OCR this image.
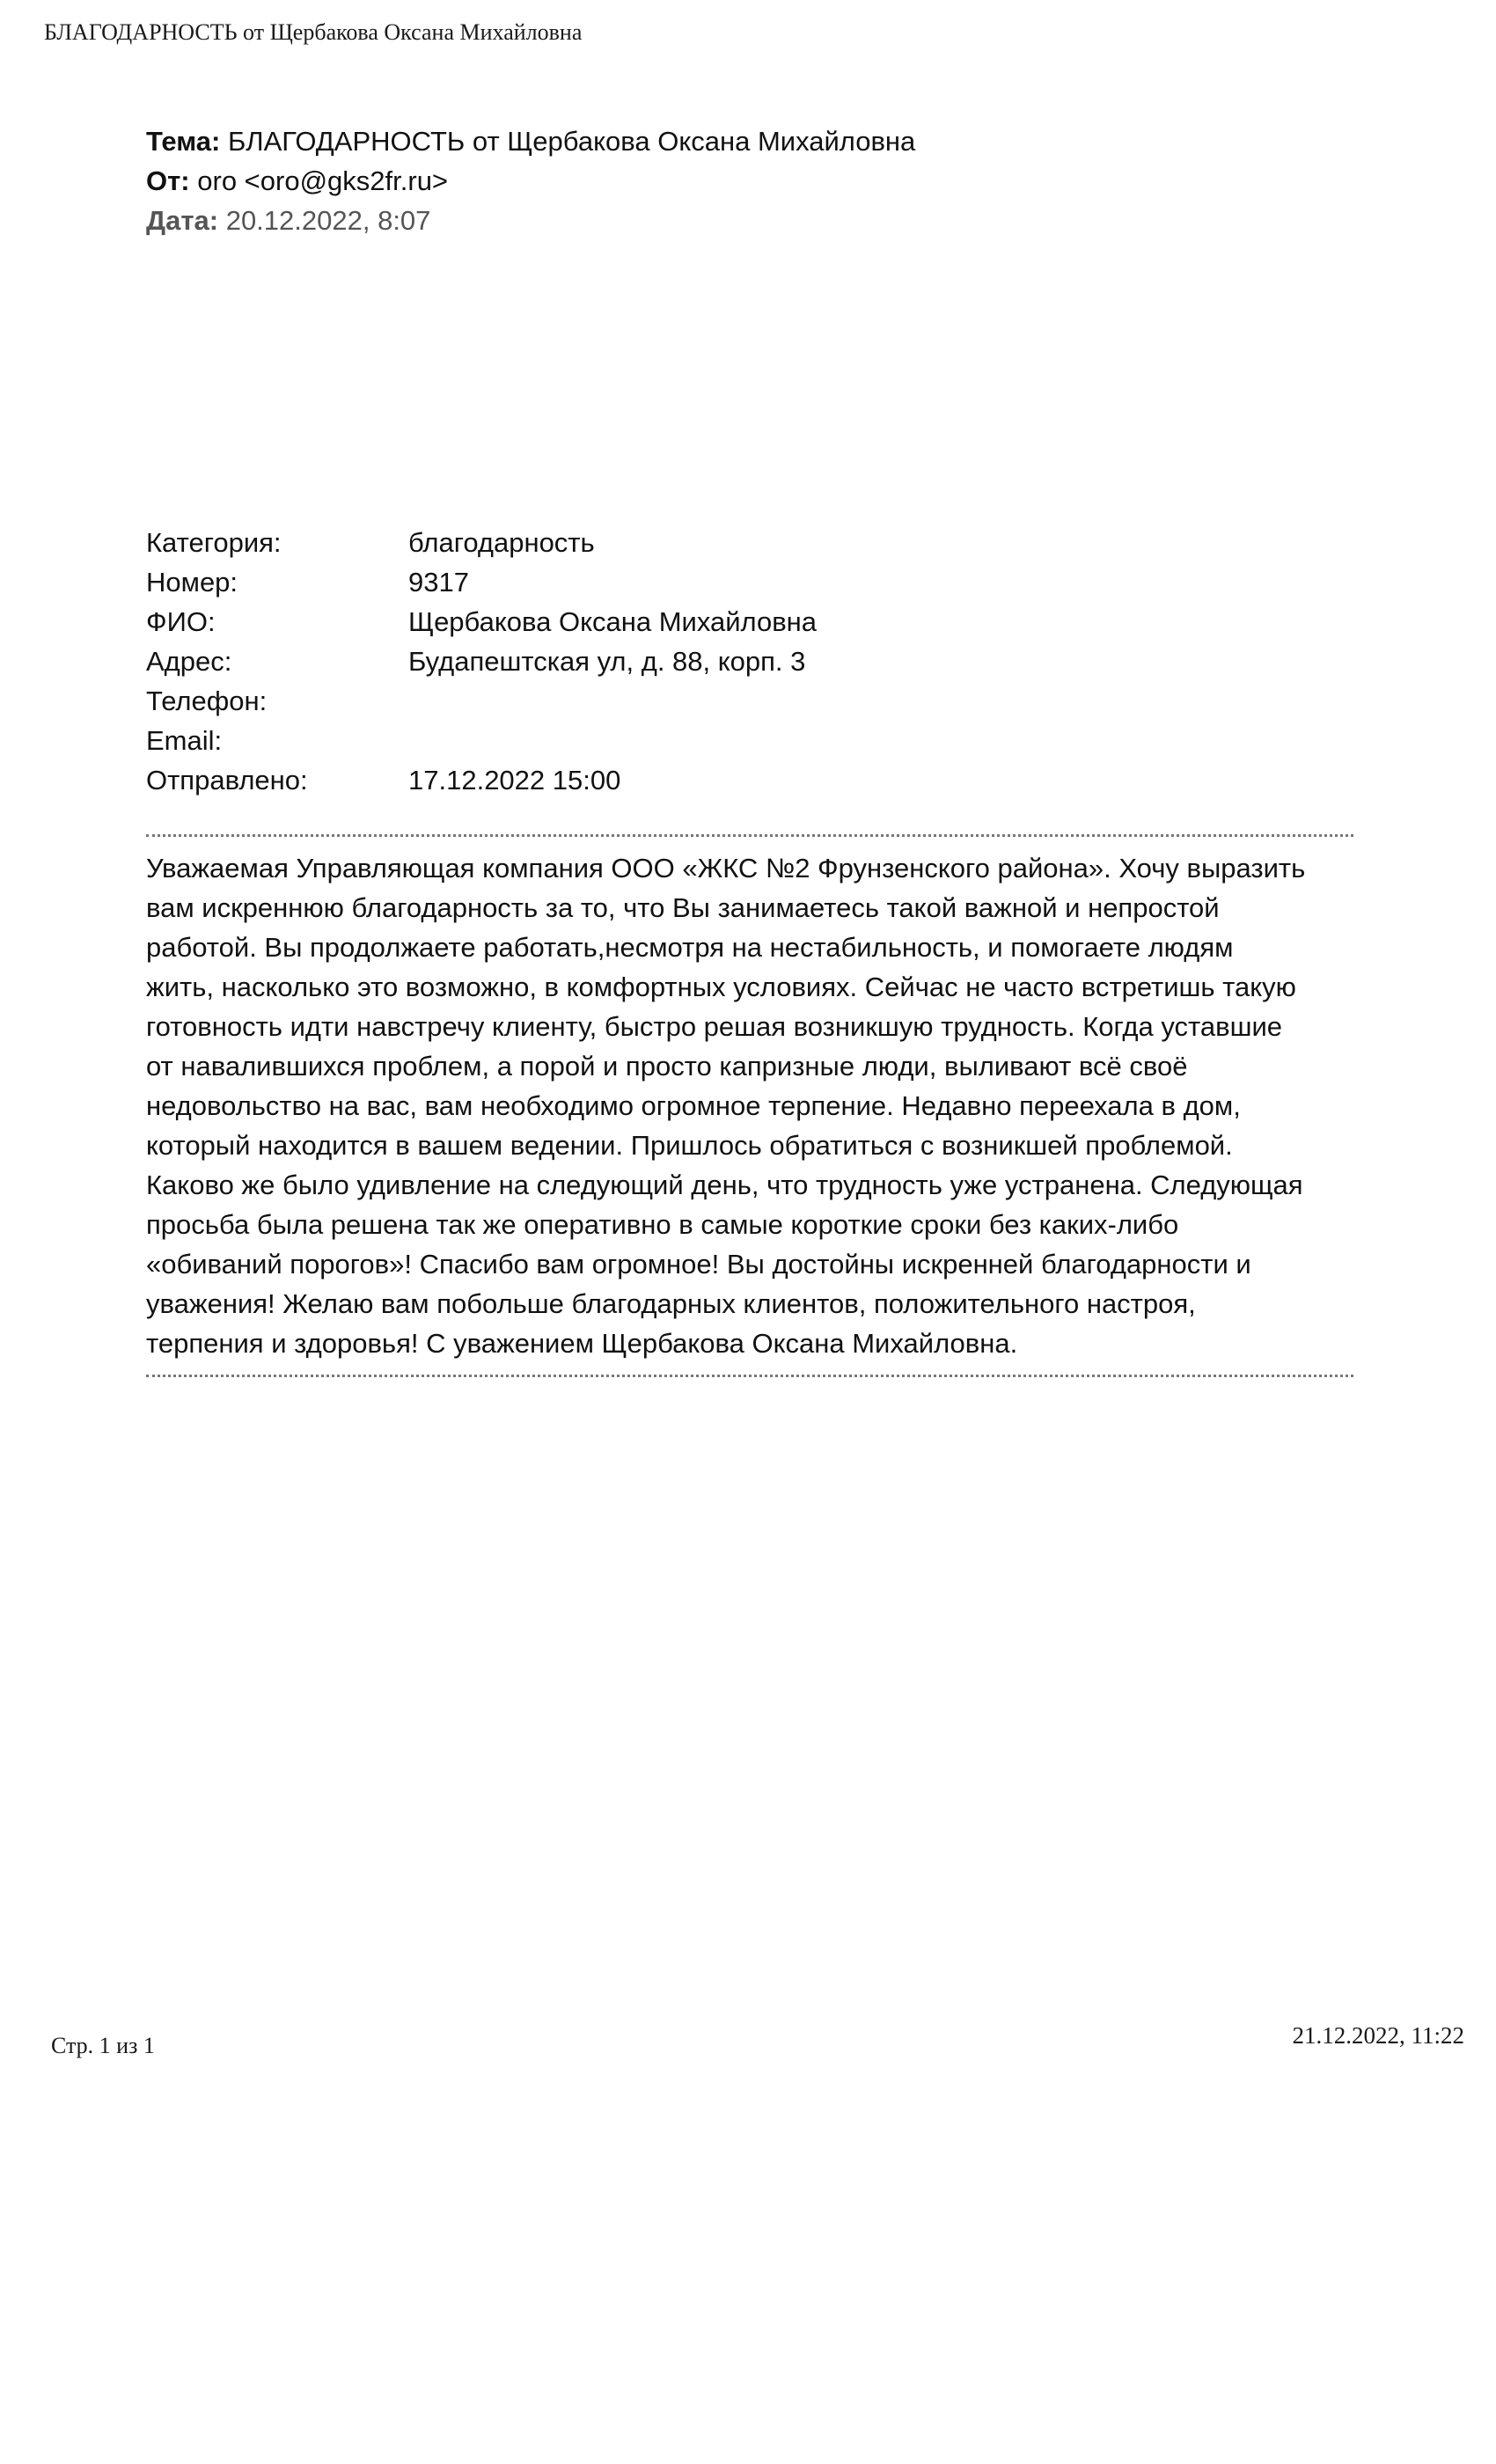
БЛАГОДАРНОСТЬ от Щербакова Оксана Михайловна
Тема: БЛАГОДАРНОСТЬ от Щербакова Оксана Михайловна
От: oro <oro@gks2fr.ru>
Дата: 20.12.2022, 8:07
Категория:	благодарность
Номер:	9317
ФИО:	Щербакова Оксана Михайловна
Адрес:	Будапештская ул, д. 88, корп. 3
Телефон:
Email:
Отправлено:	17.12.2022 15:00
Уважаемая Управляющая компания ООО «ЖКС №2 Фрунзенского района». Хочу выразить
вам искреннюю благодарность за то, что Вы занимаетесь такой важной и непростой
работой. Вы продолжаете работать,несмотря на нестабильность, и помогаете людям
жить, насколько это возможно, в комфортных условиях. Сейчас не часто встретишь такую
готовность идти навстречу клиенту, быстро решая возникшую трудность. Когда уставшие
от навалившихся проблем, а порой и просто капризные люди, выливают всё своё
недовольство на вас, вам необходимо огромное терпение. Недавно переехала в дом,
который находится в вашем ведении. Пришлось обратиться с возникшей проблемой.
Каково же было удивление на следующий день, что трудность уже устранена. Следующая
просьба была решена так же оперативно в самые короткие сроки без каких-либо
«обиваний порогов»! Спасибо вам огромное! Вы достойны искренней благодарности и
уважения! Желаю вам побольше благодарных клиентов, положительного настроя,
терпения и здоровья! С уважением Щербакова Оксана Михайловна.
Стр. 1 из 1	21.12.2022, 11:22
